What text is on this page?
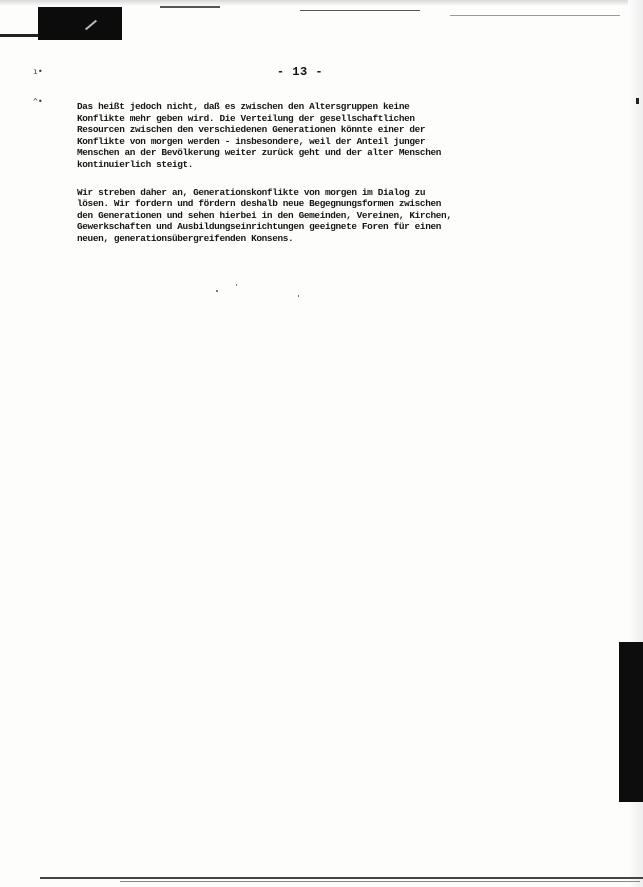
ı•
^•
- 13 -

Das heißt jedoch nicht, daß es zwischen den Altersgruppen keine
Konflikte mehr geben wird. Die Verteilung der gesellschaftlichen
Resourcen zwischen den verschiedenen Generationen könnte einer der
Konflikte von morgen werden - insbesondere, weil der Anteil junger
Menschen an der Bevölkerung weiter zurück geht und der alter Menschen
kontinuierlich steigt.

Wir streben daher an, Generationskonflikte von morgen im Dialog zu
lösen. Wir fordern und fördern deshalb neue Begegnungsformen zwischen
den Generationen und sehen hierbei in den Gemeinden, Vereinen, Kirchen,
Gewerkschaften und Ausbildungseinrichtungen geeignete Foren für einen
neuen, generationsübergreifenden Konsens.
